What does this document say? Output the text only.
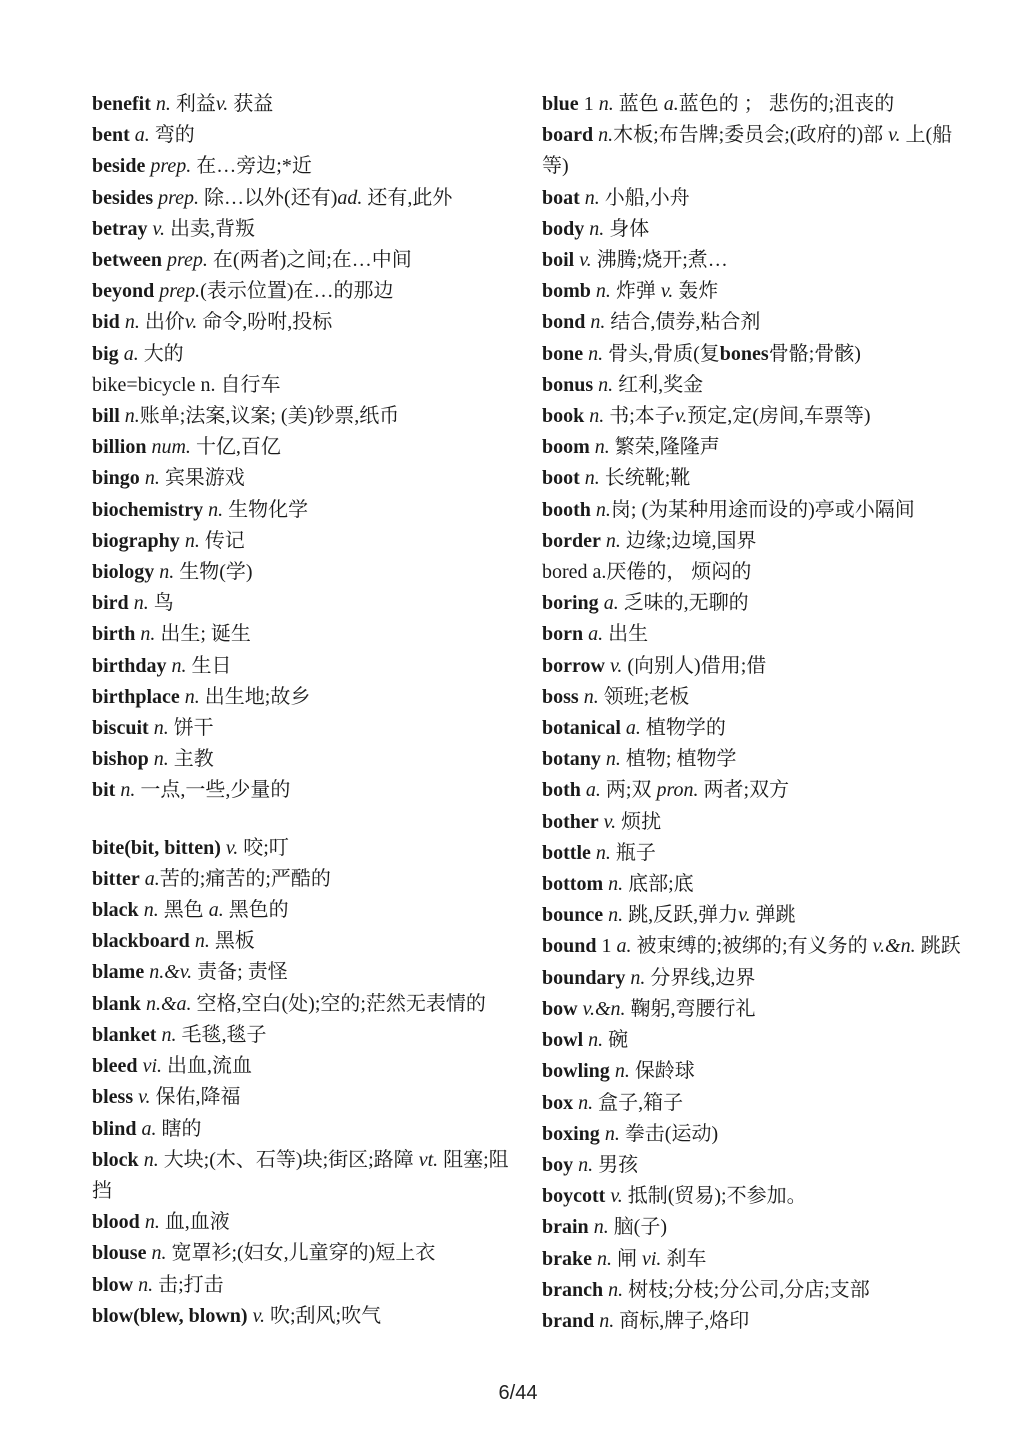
benefit n. 利益v. 获益

bent a. 弯的

beside prep. 在…旁边;*近

besides prep. 除…以外(还有)ad. 还有,此外

betray v. 出卖,背叛

between prep. 在(两者)之间;在…中间

beyond prep.(表示位置)在…的那边

bid n. 出价v. 命令,吩咐,投标

big a. 大的

bike=bicycle n. 自行车

bill n.账单;法案,议案; (美)钞票,纸币

billion num. 十亿,百亿

bingo n. 宾果游戏

biochemistry n. 生物化学

biography n. 传记

biology n. 生物(学)

bird n. 鸟

birth n. 出生; 诞生

birthday n. 生日

birthplace n. 出生地;故乡

biscuit n. 饼干

bishop n. 主教

bit n. 一点,一些,少量的

bite(bit, bitten) v. 咬;叮

bitter a.苦的;痛苦的;严酷的

black n. 黑色 a. 黑色的

blackboard n. 黑板

blame n.&v. 责备; 责怪

blank n.&a. 空格,空白(处);空的;茫然无表情的

blanket n. 毛毯,毯子

bleed vi. 出血,流血

bless v. 保佑,降福

blind a. 瞎的

block n. 大块;(木、石等)块;街区;路障 vt. 阻塞;阻挡

blood n. 血,血液

blouse n. 宽罩衫;(妇女,儿童穿的)短上衣

blow n. 击;打击

blow(blew, blown) v. 吹;刮风;吹气

blue 1 n. 蓝色 a.蓝色的 ； 悲伤的;沮丧的

board n.木板;布告牌;委员会;(政府的)部 v. 上(船等)

boat n. 小船,小舟

body n. 身体

boil v. 沸腾;烧开;煮…

bomb n. 炸弹 v. 轰炸

bond n. 结合,债券,粘合剂

bone n. 骨头,骨质(复bones骨骼;骨骸)

bonus n. 红利,奖金

book n. 书;本子v.预定,定(房间,车票等)

boom n. 繁荣,隆隆声

boot n. 长统靴;靴

booth n.岗; (为某种用途而设的)亭或小隔间

border n. 边缘;边境,国界

bored a.厌倦的， 烦闷的

boring a. 乏味的,无聊的

born a. 出生

borrow v. (向别人)借用;借

boss n. 领班;老板

botanical a. 植物学的

botany n. 植物; 植物学

both a. 两;双 pron. 两者;双方

bother v. 烦扰

bottle n. 瓶子

bottom n. 底部;底

bounce n. 跳,反跃,弹力v. 弹跳

bound 1 a. 被束缚的;被绑的;有义务的 v.&n. 跳跃

boundary n. 分界线,边界

bow v.&n. 鞠躬,弯腰行礼

bowl n. 碗

bowling n. 保龄球

box n. 盒子,箱子

boxing n. 拳击(运动)

boy n. 男孩

boycott v. 抵制(贸易);不参加。

brain n. 脑(子)

brake n. 闸 vi. 刹车

branch n. 树枝;分枝;分公司,分店;支部

brand n. 商标,牌子,烙印

6/44
